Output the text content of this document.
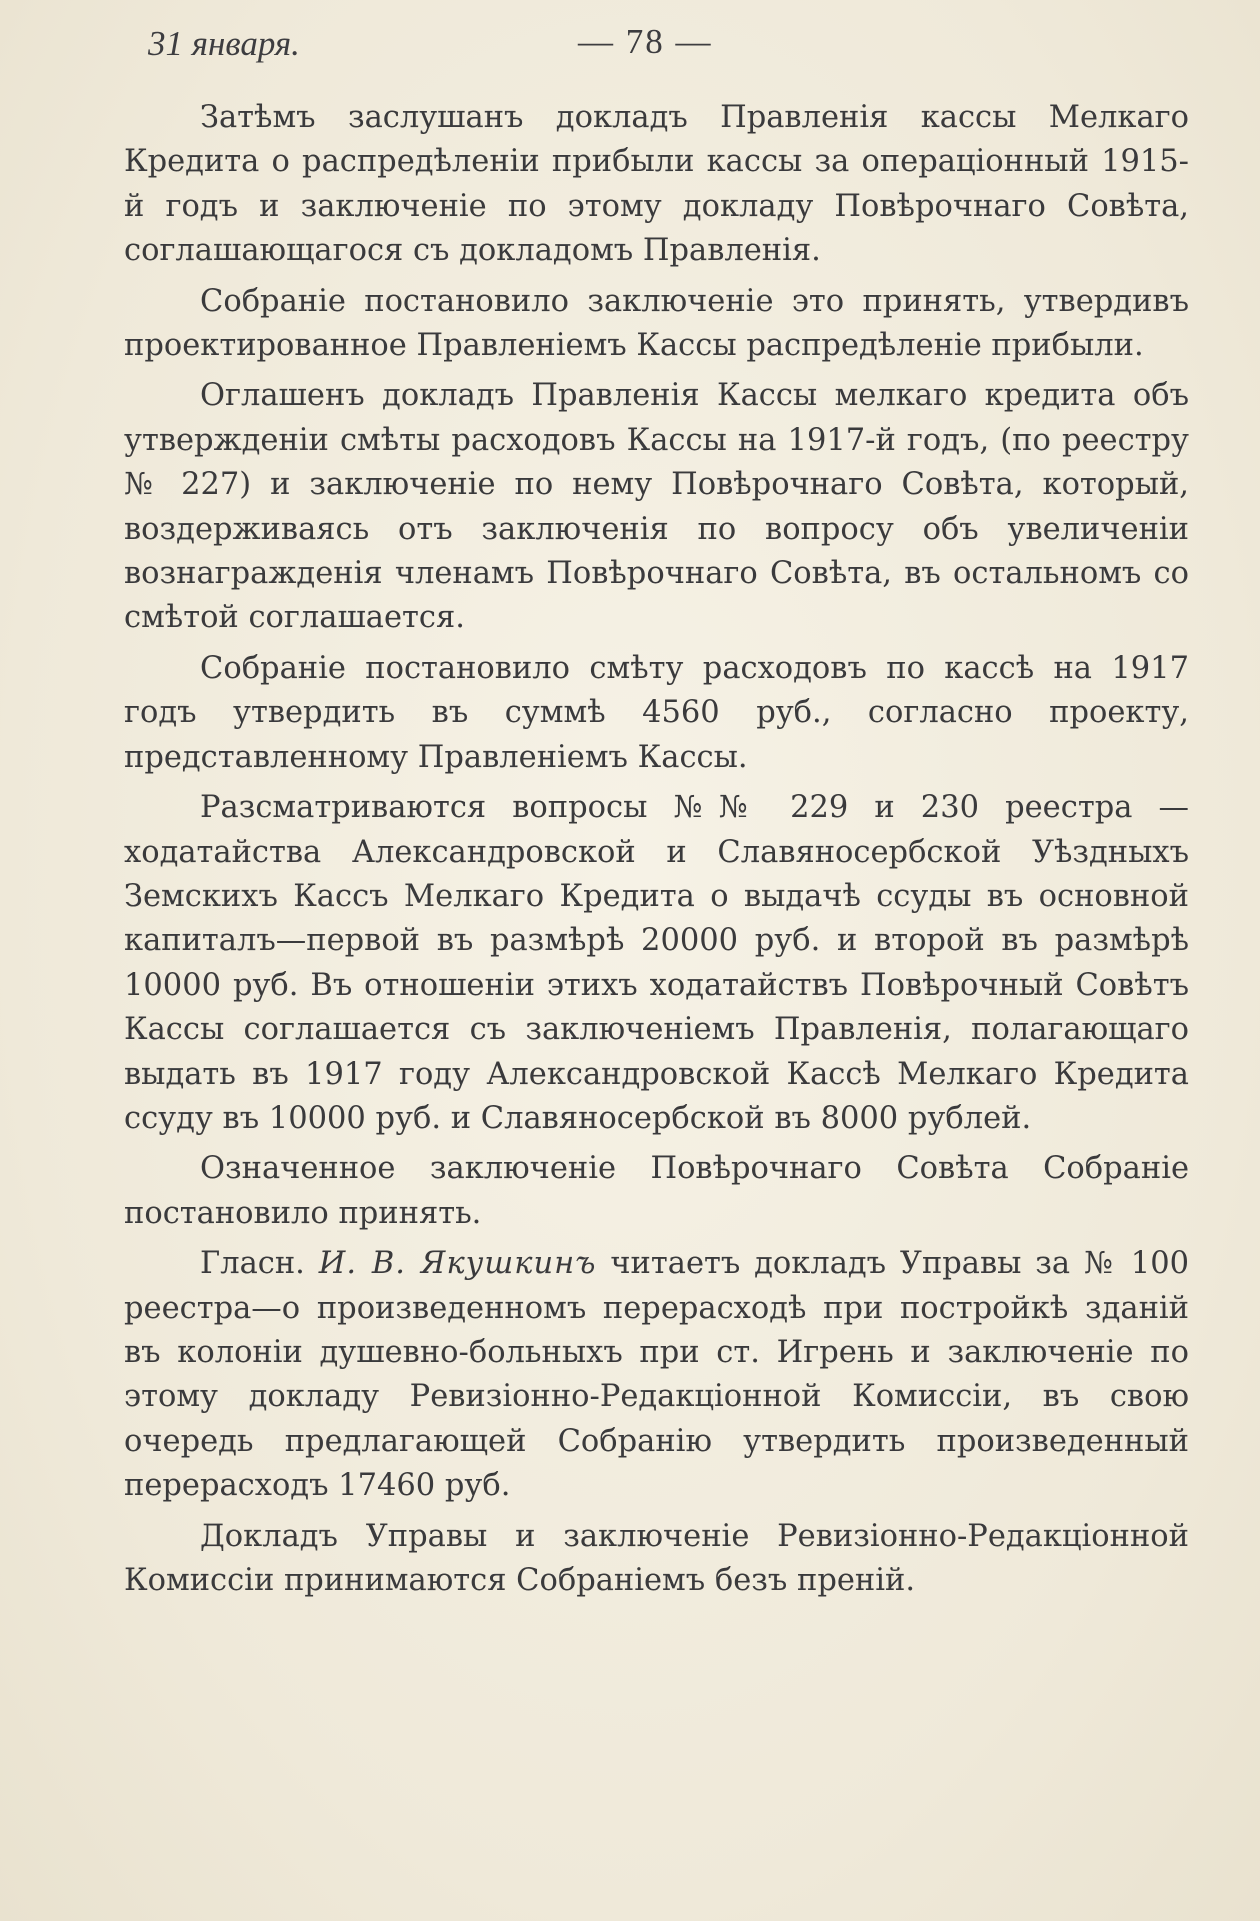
31 января.	— 78 —

Затѣмъ заслушанъ докладъ Правленія кассы Мелкаго Кредита о распредѣленіи прибыли кассы за операціонный 1915-й годъ и заключеніе по этому докладу Повѣрочнаго Совѣта, соглашающагося съ докладомъ Правленія.

Собраніе постановило заключеніе это принять, утвердивъ проектированное Правленіемъ Кассы распредѣленіе прибыли.

Оглашенъ докладъ Правленія Кассы мелкаго кредита объ утвержденіи смѣты расходовъ Кассы на 1917-й годъ, (по реестру № 227) и заключеніе по нему Повѣрочнаго Совѣта, который, воздерживаясь отъ заключенія по вопросу объ увеличеніи вознагражденія членамъ Повѣрочнаго Совѣта, въ остальномъ со смѣтой соглашается.

Собраніе постановило смѣту расходовъ по кассѣ на 1917 годъ утвердить въ суммѣ 4560 руб., согласно проекту, представленному Правленіемъ Кассы.

Разсматриваются вопросы №№ 229 и 230 реестра —ходатайства Александровской и Славяносербской Уѣздныхъ Земскихъ Кассъ Мелкаго Кредита о выдачѣ ссуды въ основной капиталъ—первой въ размѣрѣ 20000 руб. и второй въ размѣрѣ 10000 руб. Въ отношеніи этихъ ходатайствъ Повѣрочный Совѣтъ Кассы соглашается съ заключеніемъ Правленія, полагающаго выдать въ 1917 году Александровской Кассѣ Мелкаго Кредита ссуду въ 10000 руб. и Славяносербской въ 8000 рублей.

Означенное заключеніе Повѣрочнаго Совѣта Собраніе постановило принять.

Гласн. И. В. Якушкинъ читаетъ докладъ Управы за № 100 реестра—о произведенномъ перерасходѣ при постройкѣ зданій въ колоніи душевно-больныхъ при ст. Игрень и заключеніе по этому докладу Ревизіонно-Редакціонной Комиссіи, въ свою очередь предлагающей Собранію утвердить произведенный перерасходъ 17460 руб.

Докладъ Управы и заключеніе Ревизіонно-Редакціонной Комиссіи принимаются Собраніемъ безъ преній.
